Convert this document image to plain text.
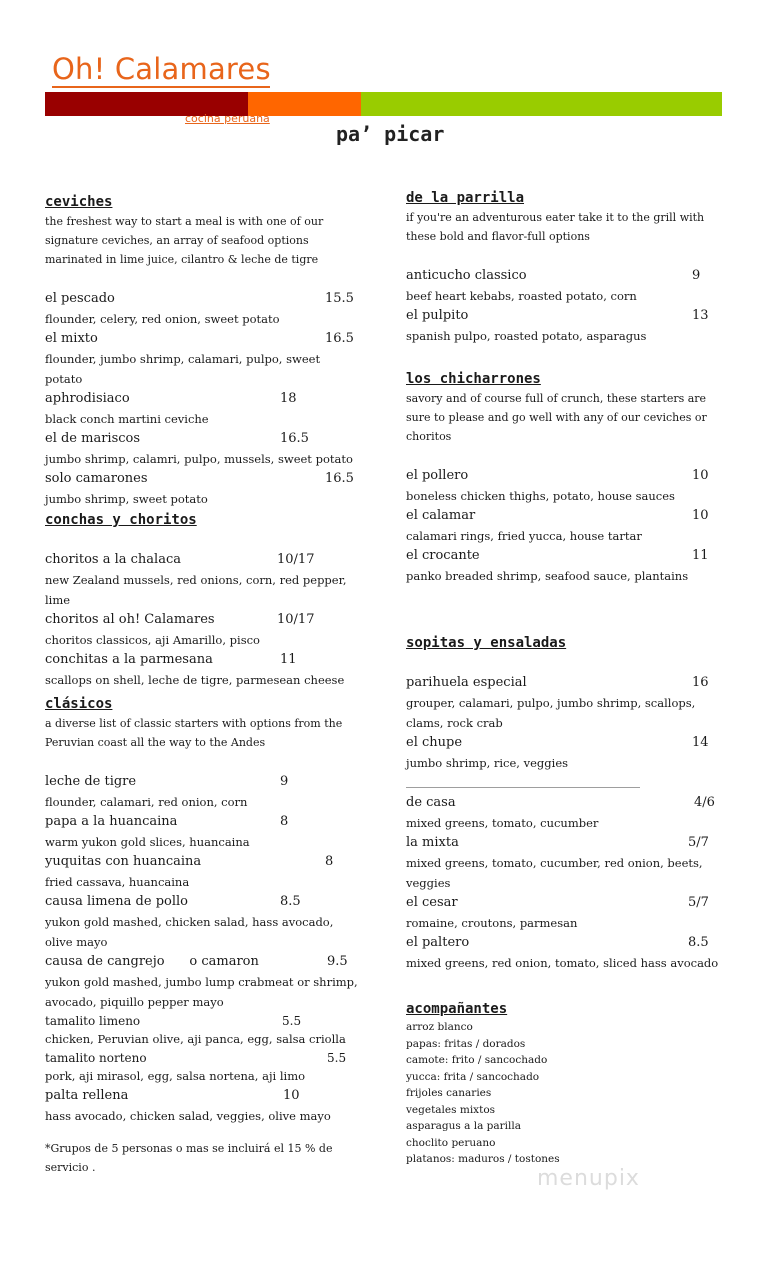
Oh! Calamares
cocina peruana
pa’ picar

ceviches

the freshest way to start a meal is with one of our signature ceviches, an array of seafood options marinated in lime juice, cilantro & leche de tigre

el pescado	15.5

flounder, celery, red onion, sweet potato

el mixto	16.5

flounder, jumbo shrimp, calamari, pulpo, sweet potato

aphrodisiaco	18

black conch martini ceviche

el de mariscos	16.5

jumbo shrimp, calamri, pulpo, mussels, sweet potato

solo camarones	16.5

jumbo shrimp, sweet potato

conchas y choritos

choritos a la chalaca	10/17

new Zealand mussels, red onions, corn, red pepper, lime

choritos al oh! Calamares	10/17

choritos classicos, aji Amarillo, pisco

conchitas a la parmesana	11

scallops on shell, leche de tigre, parmesean cheese

clásicos

a diverse list of classic starters with options from the Peruvian coast all the way to the Andes

leche de tigre	9

flounder, calamari, red onion, corn

papa a la huancaina	8

warm yukon gold slices, huancaina

yuquitas con huancaina	8

fried cassava, huancaina

causa limena de pollo	8.5

yukon gold mashed, chicken salad, hass avocado, olive mayo

causa de cangrejo      o camaron	9.5

yukon gold mashed, jumbo lump crabmeat or shrimp, avocado, piquillo pepper mayo

tamalito limeno	5.5

chicken, Peruvian olive, aji panca, egg, salsa criolla

tamalito norteno	5.5

pork, aji mirasol, egg, salsa nortena, aji limo

palta rellena	10

hass avocado, chicken salad, veggies, olive mayo

*Grupos de 5 personas o mas se incluirá el 15 % de servicio .

de la parrilla

if you're an adventurous eater take it to the grill with these bold and flavor-full options

anticucho classico	9

beef heart kebabs, roasted potato, corn

el pulpito	13

spanish pulpo, roasted potato, asparagus

los chicharrones

savory and of course full of crunch, these starters are sure to please and go well with any of our ceviches or choritos

el pollero	10

boneless chicken thighs, potato, house sauces

el calamar	10

calamari rings, fried yucca, house tartar

el crocante	11

panko breaded shrimp, seafood sauce, plantains

sopitas y ensaladas

parihuela especial	16

grouper, calamari, pulpo, jumbo shrimp, scallops, clams, rock crab

el chupe	14

jumbo shrimp, rice, veggies

_______________________________________

de casa	4/6

mixed greens, tomato, cucumber

la mixta	5/7

mixed greens, tomato, cucumber, red onion, beets, veggies

el cesar	5/7

romaine, croutons, parmesan

el paltero	8.5

mixed greens, red onion, tomato, sliced hass avocado

acompañantes

arroz blanco

papas: fritas / dorados

camote: frito / sancochado

yucca: frita / sancochado

frijoles canaries

vegetales mixtos

asparagus a la parilla

choclito peruano

platanos: maduros / tostones

menupix
